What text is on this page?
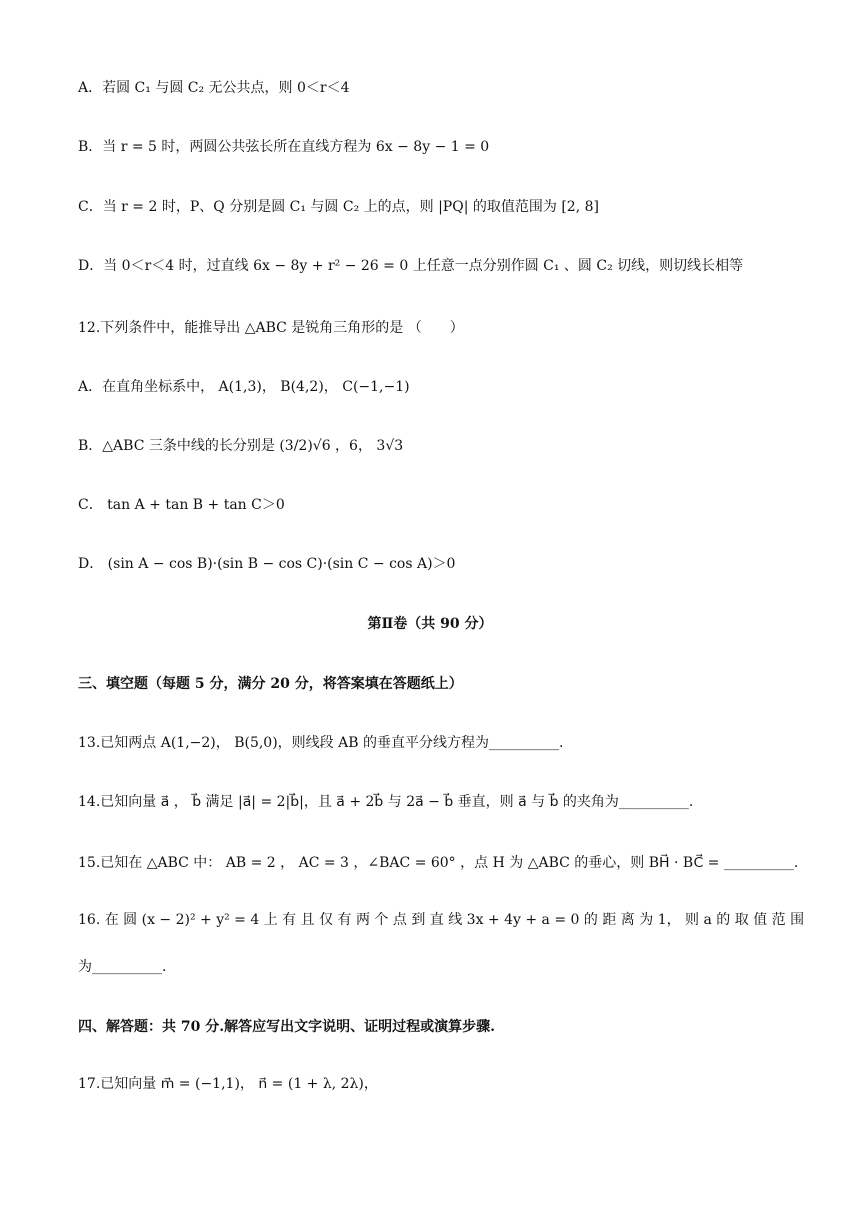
A．若圆 C₁ 与圆 C₂ 无公共点，则 0＜r＜4
B．当 r = 5 时，两圆公共弦长所在直线方程为 6x − 8y − 1 = 0
C．当 r = 2 时，P、Q 分别是圆 C₁ 与圆 C₂ 上的点，则 |PQ| 的取值范围为 [2, 8]
D．当 0＜r＜4 时，过直线 6x − 8y + r² − 26 = 0 上任意一点分别作圆 C₁ 、圆 C₂ 切线，则切线长相等
12.下列条件中，能推导出 △ABC 是锐角三角形的是 （　　）
A．在直角坐标系中， A(1,3)， B(4,2)， C(−1,−1)
B．△ABC 三条中线的长分别是 (3/2)√6 ，6， 3√3
C． tan A + tan B + tan C＞0
D． (sin A − cos B)·(sin B − cos C)·(sin C − cos A)＞0
第Ⅱ卷（共 90 分）
三、填空题（每题 5 分，满分 20 分，将答案填在答题纸上）
13.已知两点 A(1,−2)， B(5,0)，则线段 AB 的垂直平分线方程为__________.
14.已知向量 a⃗ ， b⃗ 满足 |a⃗| = 2|b⃗|，且 a⃗ + 2b⃗ 与 2a⃗ − b⃗ 垂直，则 a⃗ 与 b⃗ 的夹角为__________.
15.已知在 △ABC 中： AB = 2 ， AC = 3 ，∠BAC = 60° ，点 H 为 △ABC 的垂心，则 BH⃗ · BC⃗ = __________.
16. 在 圆 (x − 2)² + y² = 4 上 有 且 仅 有 两 个 点 到 直 线 3x + 4y + a = 0 的 距 离 为 1， 则 a 的 取 值 范 围
为__________.
四、解答题：共 70 分.解答应写出文字说明、证明过程或演算步骤.
17.已知向量 m⃗ = (−1,1)， n⃗ = (1 + λ, 2λ)，
